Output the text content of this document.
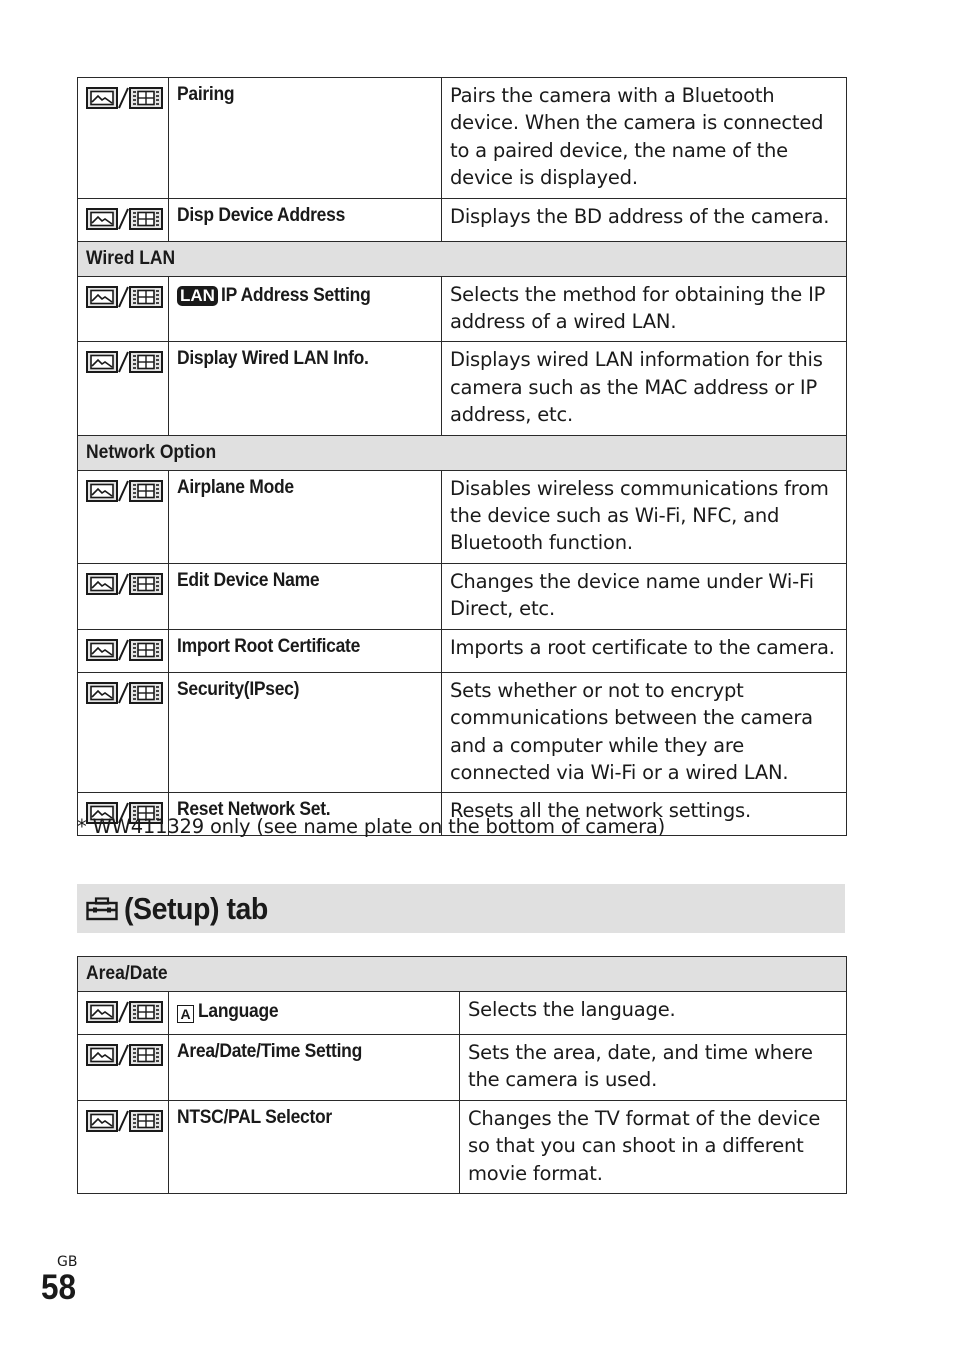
	Pairing	Pairs the camera with a Bluetooth device. When the camera is connected to a paired device, the name of the device is displayed.

	Disp Device Address	Displays the BD address of the camera.

Wired LAN		

	LAN IP Address Setting	Selects the method for obtaining the IP address of a wired LAN.

	Display Wired LAN Info.	Displays wired LAN information for this camera such as the MAC address or IP address, etc.

Network Option		

	Airplane Mode	Disables wireless communications from the device such as Wi-Fi, NFC, and Bluetooth function.

	Edit Device Name	Changes the device name under Wi-Fi Direct, etc.

	Import Root Certificate	Imports a root certificate to the camera.

	Security(IPsec)	Sets whether or not to encrypt communications between the camera and a computer while they are connected via Wi-Fi or a wired LAN.

	Reset Network Set.	Resets all the network settings.
* WW411329 only (see name plate on the bottom of camera)
(Setup) tab
Area/Date		

	A Language	Selects the language.

	Area/Date/Time Setting	Sets the area, date, and time where the camera is used.

	NTSC/PAL Selector	Changes the TV format of the device so that you can shoot in a different movie format.
GB
58
